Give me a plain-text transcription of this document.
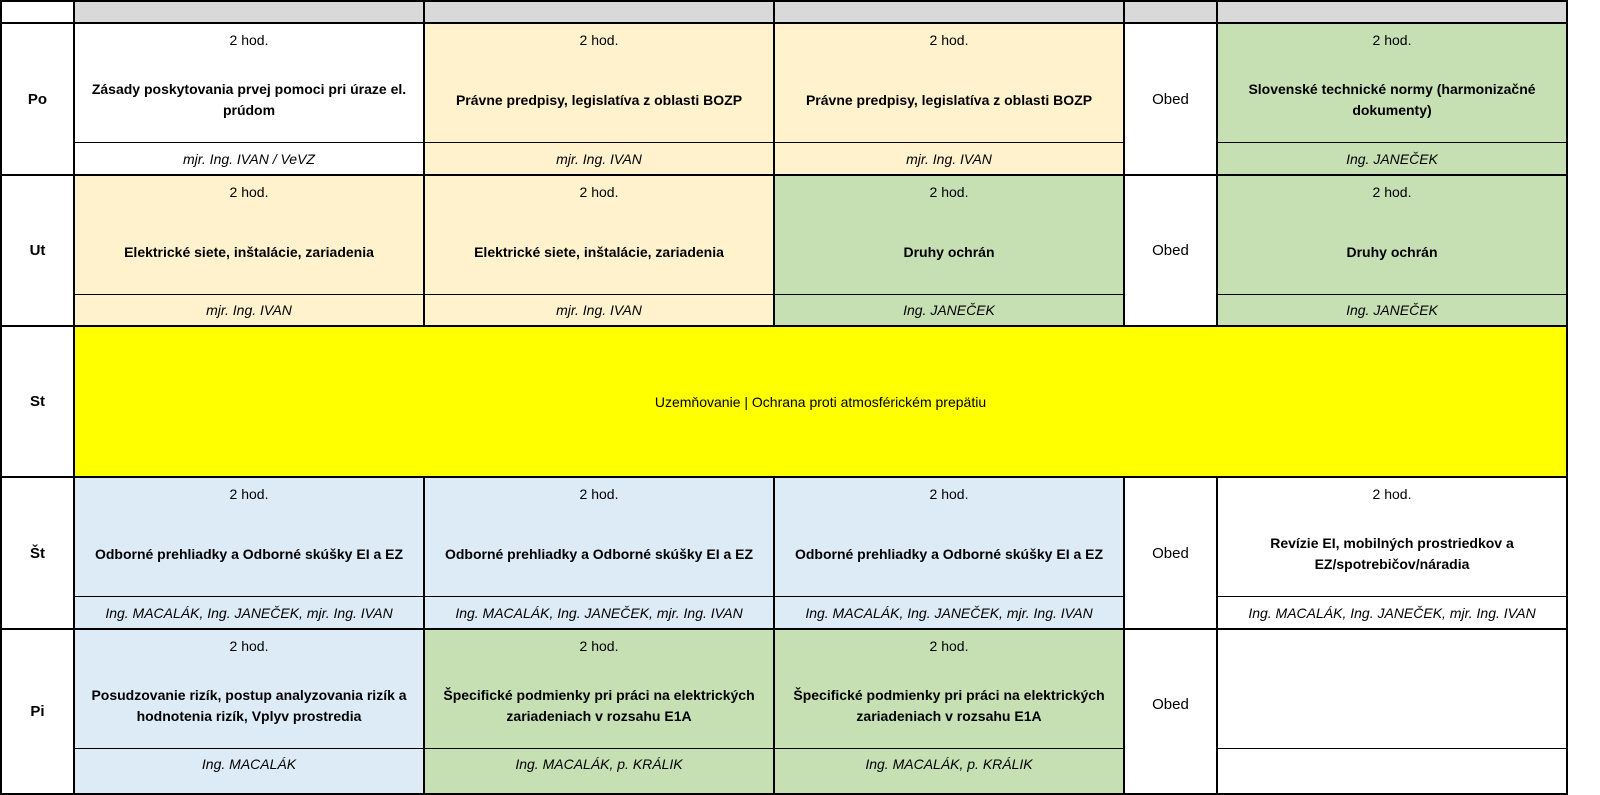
Po
2 hod.
Zásady poskytovania prvej pomoci pri úraze el. prúdom
mjr. Ing. IVAN / VeVZ
2 hod.
Právne predpisy, legislatíva z oblasti BOZP
mjr. Ing. IVAN
2 hod.
Právne predpisy, legislatíva z oblasti BOZP
mjr. Ing. IVAN
Obed
2 hod.
Slovenské technické normy (harmonizačné dokumenty)
Ing. JANEČEK
Ut
2 hod.
Elektrické siete, inštalácie, zariadenia
mjr. Ing. IVAN
2 hod.
Elektrické siete, inštalácie, zariadenia
mjr. Ing. IVAN
2 hod.
Druhy ochrán
Ing. JANEČEK
Obed
2 hod.
Druhy ochrán
Ing. JANEČEK
St	Uzemňovanie | Ochrana proti atmosférickém prepätiu
Št
2 hod.
Odborné prehliadky a Odborné skúšky EI a EZ
Ing. MACALÁK, Ing. JANEČEK, mjr. Ing. IVAN
2 hod.
Odborné prehliadky a Odborné skúšky EI a EZ
Ing. MACALÁK, Ing. JANEČEK, mjr. Ing. IVAN
2 hod.
Odborné prehliadky a Odborné skúšky EI a EZ
Ing. MACALÁK, Ing. JANEČEK, mjr. Ing. IVAN
Obed
2 hod.
Revízie EI, mobilných prostriedkov a EZ/spotrebičov/náradia
Ing. MACALÁK, Ing. JANEČEK, mjr. Ing. IVAN
Pi
2 hod.
Posudzovanie rizík, postup analyzovania rizík a hodnotenia rizík, Vplyv prostredia
Ing. MACALÁK
2 hod.
Špecifické podmienky pri práci na elektrických zariadeniach v rozsahu E1A
Ing. MACALÁK, p. KRÁLIK
2 hod.
Špecifické podmienky pri práci na elektrických zariadeniach v rozsahu E1A
Ing. MACALÁK, p. KRÁLIK
Obed
